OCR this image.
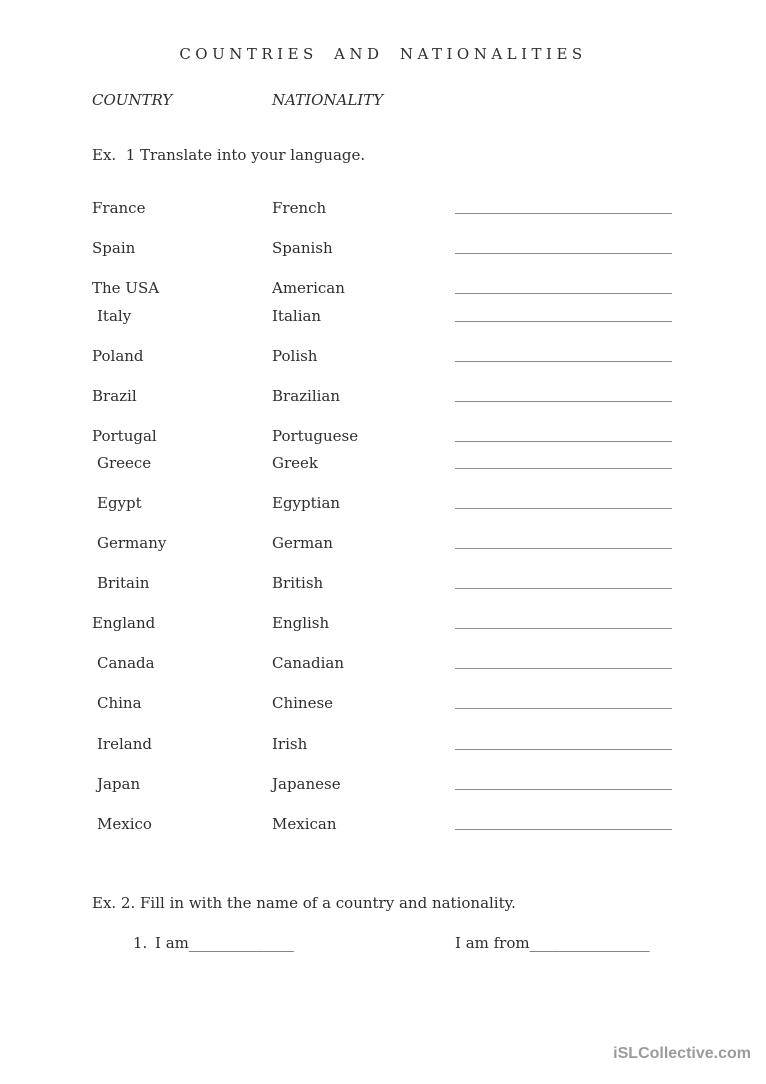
COUNTRIES AND NATIONALITIES
COUNTRY	NATIONALITY
Ex.  1 Translate into your language.
France	French
Spain	Spanish
The USA	American
Italy	Italian
Poland	Polish
Brazil	Brazilian
Portugal	Portuguese
Greece	Greek
Egypt	Egyptian
Germany	German
Britain	British
England	English
Canada	Canadian
China	Chinese
Ireland	Irish
Japan	Japanese
Mexico	Mexican
Ex. 2. Fill in with the name of a country and nationality.
1. I am______________	I am from________________
iSLCollective.com
